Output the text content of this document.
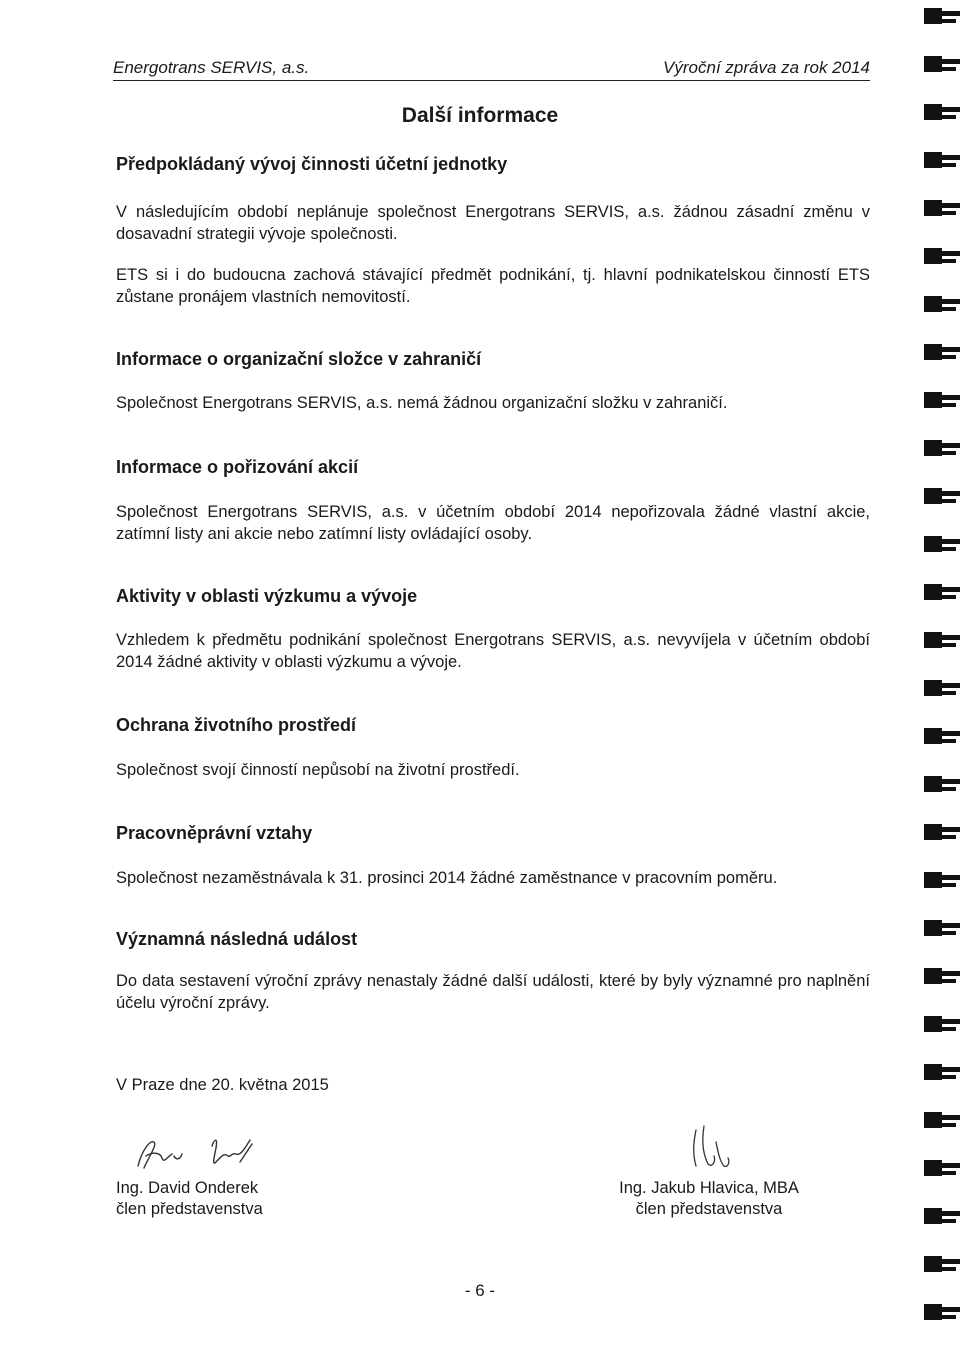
Energotrans SERVIS, a.s.	Výroční zpráva za rok 2014
Další informace
Předpokládaný vývoj činnosti účetní jednotky
V následujícím období neplánuje společnost Energotrans SERVIS, a.s. žádnou zásadní změnu v dosavadní strategii vývoje společnosti.
ETS si i do budoucna zachová stávající předmět podnikání, tj. hlavní podnikatelskou činností ETS zůstane pronájem vlastních nemovitostí.
Informace o organizační složce v zahraničí
Společnost Energotrans SERVIS, a.s. nemá žádnou organizační složku v zahraničí.
Informace o pořizování akcií
Společnost Energotrans SERVIS, a.s. v účetním období 2014 nepořizovala žádné vlastní akcie, zatímní listy ani akcie nebo zatímní listy ovládající osoby.
Aktivity v oblasti výzkumu a vývoje
Vzhledem k předmětu podnikání společnost Energotrans SERVIS, a.s. nevyvíjela v účetním období 2014 žádné aktivity v oblasti výzkumu a vývoje.
Ochrana životního prostředí
Společnost svojí činností nepůsobí na životní prostředí.
Pracovněprávní vztahy
Společnost nezaměstnávala k 31. prosinci 2014 žádné zaměstnance v pracovním poměru.
Významná následná událost
Do data sestavení výroční zprávy nenastaly žádné další události, které by byly významné pro naplnění účelu výroční zprávy.
V Praze dne 20. května 2015
Ing. David Onderek
člen představenstva
Ing. Jakub Hlavica, MBA
člen představenstva
- 6 -
